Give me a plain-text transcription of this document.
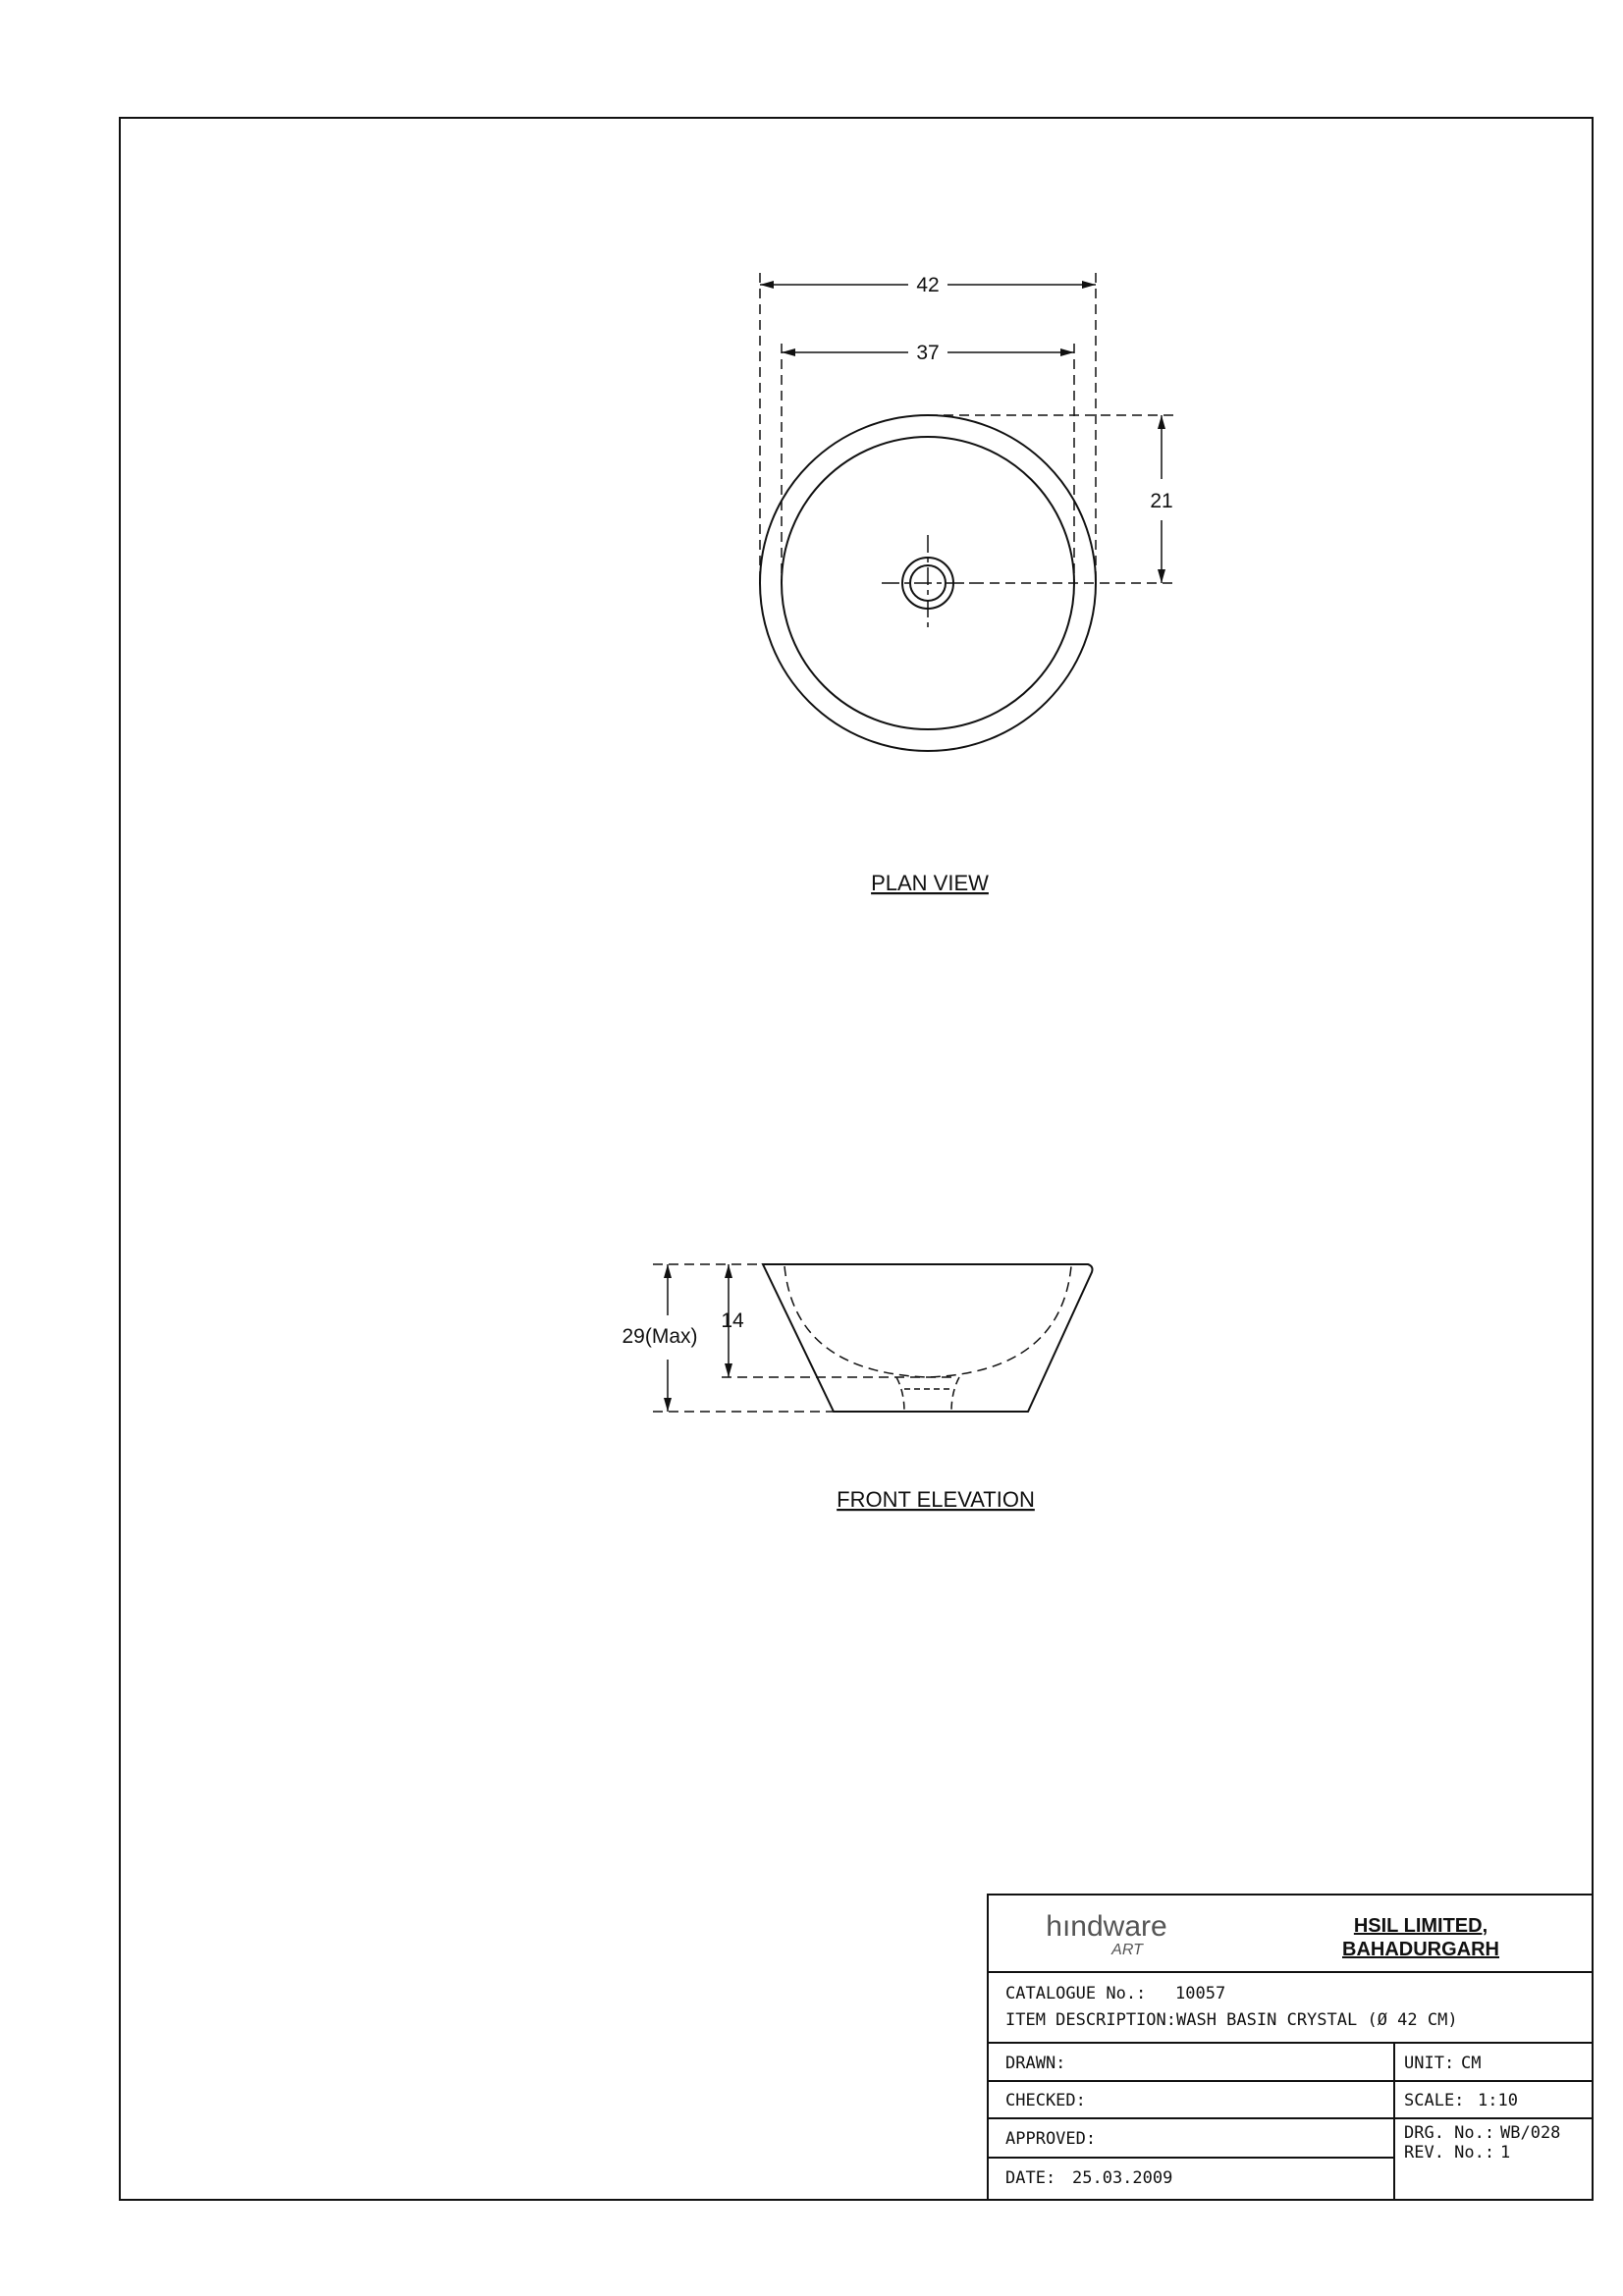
42
37
21
PLAN VIEW
29(Max)
14
FRONT ELEVATION
hındware
ART
HSIL LIMITED,
BAHADURGARH
CATALOGUE No.: 10057
ITEM DESCRIPTION: WASH BASIN CRYSTAL (Ø 42 CM)
DRAWN:
CHECKED:
APPROVED:
DATE: 25.03.2009
UNIT: CM
SCALE: 1:10
DRG. No.: WB/028
REV. No.: 1
